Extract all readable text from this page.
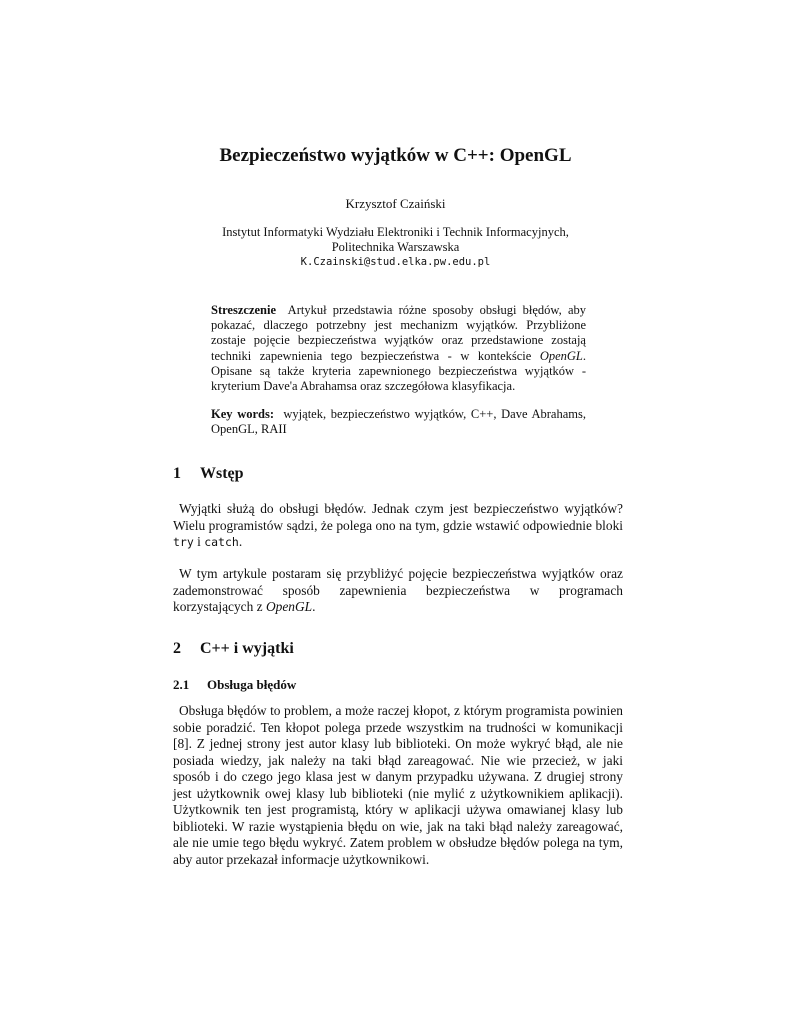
Bezpieczeństwo wyjątków w C++: OpenGL
Krzysztof Czaiński
Instytut Informatyki Wydziału Elektroniki i Technik Informacyjnych,
Politechnika Warszawska
K.Czainski@stud.elka.pw.edu.pl
Streszczenie Artykuł przedstawia różne sposoby obsługi błędów, aby pokazać, dlaczego potrzebny jest mechanizm wyjątków. Przybliżone zostaje pojęcie bezpieczeństwa wyjątków oraz przedstawione zostają techniki zapewnienia tego bezpieczeństwa - w kontekście OpenGL. Opisane są także kryteria zapewnionego bezpieczeństwa wyjątków - kryterium Dave'a Abrahamsa oraz szczegółowa klasyfikacja.
Key words: wyjątek, bezpieczeństwo wyjątków, C++, Dave Abrahams, OpenGL, RAII
1 Wstęp
Wyjątki służą do obsługi błędów. Jednak czym jest bezpieczeństwo wyjątków? Wielu programistów sądzi, że polega ono na tym, gdzie wstawić odpowiednie bloki try i catch.
W tym artykule postaram się przybliżyć pojęcie bezpieczeństwa wyjątków oraz zademonstrować sposób zapewnienia bezpieczeństwa w programach korzystających z OpenGL.
2 C++ i wyjątki
2.1 Obsługa błędów
Obsługa błędów to problem, a może raczej kłopot, z którym programista powinien sobie poradzić. Ten kłopot polega przede wszystkim na trudności w komunikacji [8]. Z jednej strony jest autor klasy lub biblioteki. On może wykryć błąd, ale nie posiada wiedzy, jak należy na taki błąd zareagować. Nie wie przecież, w jaki sposób i do czego jego klasa jest w danym przypadku używana. Z drugiej strony jest użytkownik owej klasy lub biblioteki (nie mylić z użytkownikiem aplikacji). Użytkownik ten jest programistą, który w aplikacji używa omawianej klasy lub biblioteki. W razie wystąpienia błędu on wie, jak na taki błąd należy zareagować, ale nie umie tego błędu wykryć. Zatem problem w obsłudze błędów polega na tym, aby autor przekazał informacje użytkownikowi.
